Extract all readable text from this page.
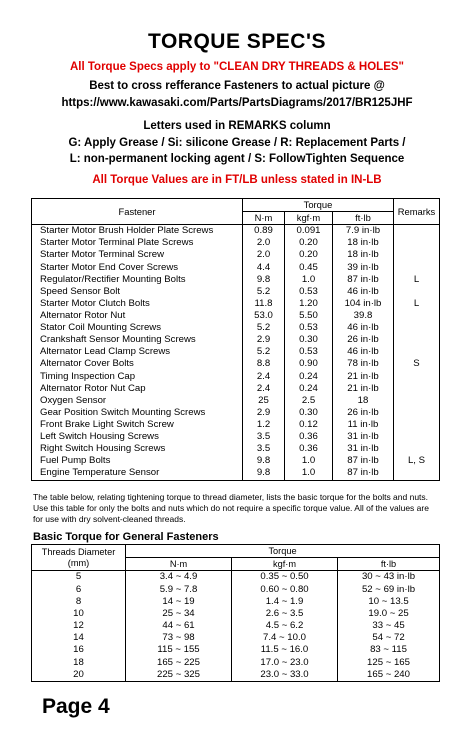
TORQUE SPEC'S
All Torque Specs apply to "CLEAN DRY THREADS & HOLES"
Best to cross refferance Fasteners to actual picture @
https://www.kawasaki.com/Parts/PartsDiagrams/2017/BR125JHF
Letters used in REMARKS column
G: Apply Grease / Si: silicone Grease / R: Replacement Parts /
L: non-permanent locking agent / S: FollowTighten Sequence
All Torque Values are in FT/LB unless stated in IN-LB
Fastener	Torque			Remarks
	N·m	kgf·m	ft·lb	
Starter Motor Brush Holder Plate Screws	0.89	0.091	7.9 in·lb	
Starter Motor Terminal Plate Screws	2.0	0.20	18 in·lb	
Starter Motor Terminal Screw	2.0	0.20	18 in·lb	
Starter Motor End Cover Screws	4.4	0.45	39 in·lb	
Regulator/Rectifier Mounting Bolts	9.8	1.0	87 in·lb	L
Speed Sensor Bolt	5.2	0.53	46 in·lb	
Starter Motor Clutch Bolts	11.8	1.20	104 in·lb	L
Alternator Rotor Nut	53.0	5.50	39.8	
Stator Coil Mounting Screws	5.2	0.53	46 in·lb	
Crankshaft Sensor Mounting Screws	2.9	0.30	26 in·lb	
Alternator Lead Clamp Screws	5.2	0.53	46 in·lb	
Alternator Cover Bolts	8.8	0.90	78 in·lb	S
Timing Inspection Cap	2.4	0.24	21 in·lb	
Alternator Rotor Nut Cap	2.4	0.24	21 in·lb	
Oxygen Sensor	25	2.5	18	
Gear Position Switch Mounting Screws	2.9	0.30	26 in·lb	
Front Brake Light Switch Screw	1.2	0.12	11 in·lb	
Left Switch Housing Screws	3.5	0.36	31 in·lb	
Right Switch Housing Screws	3.5	0.36	31 in·lb	
Fuel Pump Bolts	9.8	1.0	87 in·lb	L, S
Engine Temperature Sensor	9.8	1.0	87 in·lb	
The table below, relating tightening torque to thread diameter, lists the basic torque for the bolts and nuts. Use this table for only the bolts and nuts which do not require a specific torque value. All of the values are for use with dry solvent-cleaned threads.
Basic Torque for General Fasteners
Threads Diameter
(mm)	Torque		
	N·m	kgf·m	ft·lb
5	3.4 ~ 4.9	0.35 ~ 0.50	30 ~ 43 in·lb
6	5.9 ~ 7.8	0.60 ~ 0.80	52 ~ 69 in·lb
8	14 ~ 19	1.4 ~ 1.9	10 ~ 13.5
10	25 ~ 34	2.6 ~ 3.5	19.0 ~ 25
12	44 ~ 61	4.5 ~ 6.2	33 ~ 45
14	73 ~ 98	7.4 ~ 10.0	54 ~ 72
16	115 ~ 155	11.5 ~ 16.0	83 ~ 115
18	165 ~ 225	17.0 ~ 23.0	125 ~ 165
20	225 ~ 325	23.0 ~ 33.0	165 ~ 240
Page 4
